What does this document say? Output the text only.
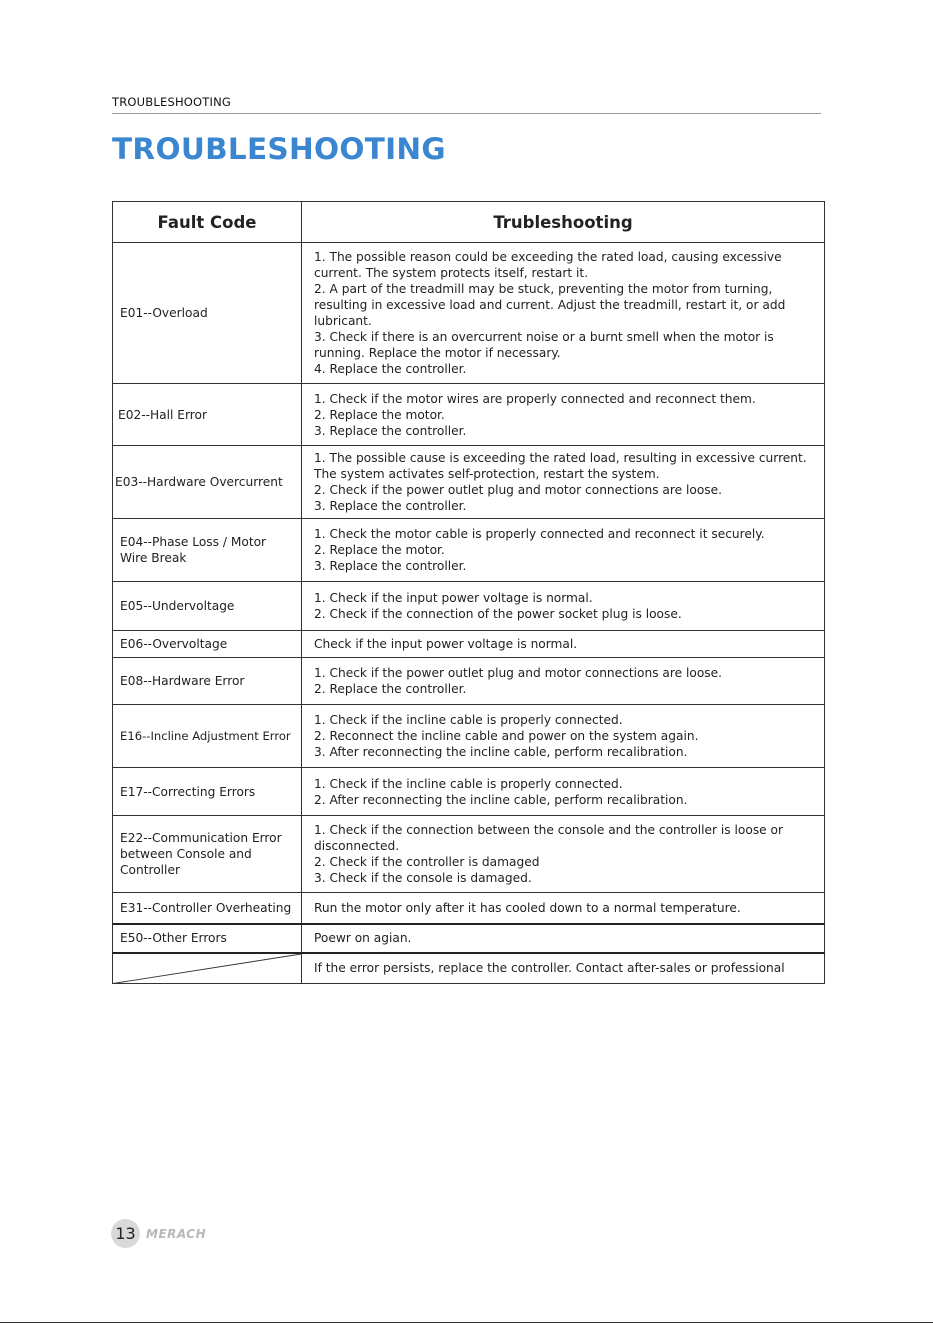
TROUBLESHOOTING
TROUBLESHOOTING
Fault Code	Trubleshooting
E01--Overload	1. The possible reason could be exceeding the rated load, causing excessive current. The system protects itself, restart it.
2. A part of the treadmill may be stuck, preventing the motor from turning, resulting in excessive load and current. Adjust the treadmill, restart it, or add lubricant.
3. Check if there is an overcurrent noise or a burnt smell when the motor is running. Replace the motor if necessary.
4. Replace the controller.

E02--Hall Error	1. Check if the motor wires are properly connected and reconnect them.
2. Replace the motor.
3. Replace the controller.

E03--Hardware Overcurrent	1. The possible cause is exceeding the rated load, resulting in excessive current. The system activates self-protection, restart the system.
2. Check if the power outlet plug and motor connections are loose.
3. Replace the controller.

E04--Phase Loss / Motor Wire Break	1. Check the motor cable is properly connected and reconnect it securely.
2. Replace the motor.
3. Replace the controller.

E05--Undervoltage	1. Check if the input power voltage is normal.
2. Check if the connection of the power socket plug is loose.

E06--Overvoltage	Check if the input power voltage is normal.

E08--Hardware Error	1. Check if the power outlet plug and motor connections are loose.
2. Replace the controller.

E16--Incline Adjustment Error	1. Check if the incline cable is properly connected.
2. Reconnect the incline cable and power on the system again.
3. After reconnecting the incline cable, perform recalibration.

E17--Correcting Errors	1. Check if the incline cable is properly connected.
2. After reconnecting the incline cable, perform recalibration.

E22--Communication Error between Console and Controller	1. Check if the connection between the console and the controller is loose or disconnected.
2. Check if the controller is damaged
3. Check if the console is damaged.

E31--Controller Overheating	Run the motor only after it has cooled down to a normal temperature.

E50--Other Errors	Poewr on agian.

If the error persists, replace the controller. Contact after-sales or professional
13 MERACH
